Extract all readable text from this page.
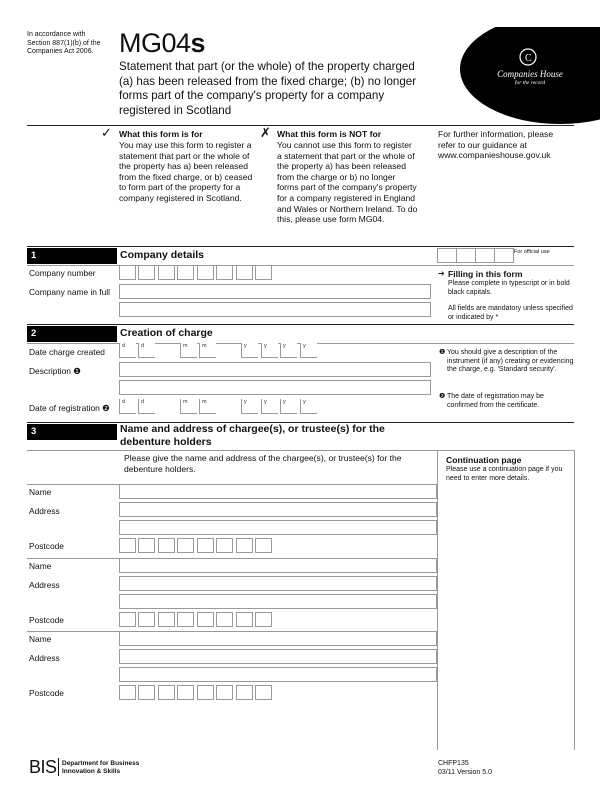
In accordance with Section 887(1)(b) of the Companies Act 2006. MG04s
Statement that part (or the whole) of the property charged (a) has been released from the fixed charge; (b) no longer forms part of the company's property for a company registered in Scotland
C
Companies House
for the record
✓ What this form is for
You may use this form to register a statement that part or the whole of the property has a) been released from the fixed charge, or b) ceased to form part of the property for a company registered in Scotland.
✗ What this form is NOT for
You cannot use this form to register a statement that part or the whole of the property a) has been released from the charge or b) no longer forms part of the company's property for a company registered in England and Wales or Northern Ireland. To do this, please use form MG04.
For further information, please refer to our guidance at www.companieshouse.gov.uk
1	Company details	For official use
Company number
Company name in full
➔ Filling in this form
Please complete in typescript or in bold black capitals.
All fields are mandatory unless specified or indicated by *
2	Creation of charge
Date charge created
d	d	m	m	y	y	y	y
Description ❶
Date of registration ❷
d	d	m	m	y	y	y	y
❶ You should give a description of the instrument (if any) creating or evidencing the charge, e.g. 'Standard security'.
❷ The date of registration may be confirmed from the certificate.
3	Name and address of chargee(s), or trustee(s) for the debenture holders
Please give the name and address of the chargee(s), or trustee(s) for the debenture holders.
Continuation page
Please use a continuation page if you need to enter more details.
Name
Address
Postcode
Name
Address
Postcode
Name
Address
Postcode
BIS Department for Business
Innovation & Skills
CHFP135
03/11 Version 5.0
